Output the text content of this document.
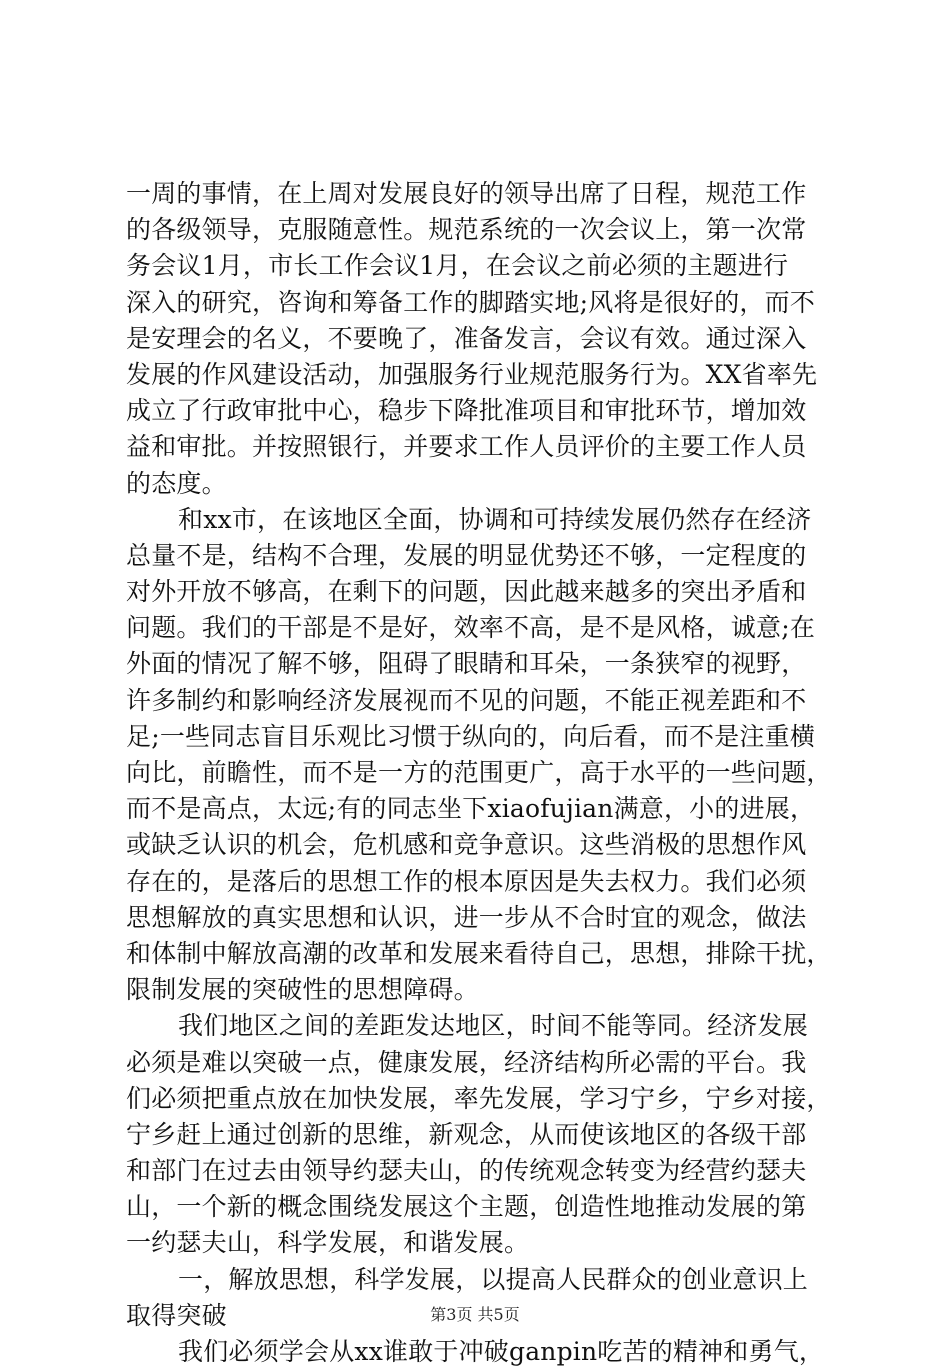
一周的事情，在上周对发展良好的领导出席了日程，规范工作
的各级领导，克服随意性。规范系统的一次会议上，第一次常
务会议1月，市长工作会议1月，在会议之前必须的主题进行
深入的研究，咨询和筹备工作的脚踏实地;风将是很好的，而不
是安理会的名义，不要晚了，准备发言，会议有效。通过深入
发展的作风建设活动，加强服务行业规范服务行为。XX省率先
成立了行政审批中心，稳步下降批准项目和审批环节，增加效
益和审批。并按照银行，并要求工作人员评价的主要工作人员
的态度。
和xx市，在该地区全面，协调和可持续发展仍然存在经济
总量不是，结构不合理，发展的明显优势还不够，一定程度的
对外开放不够高，在剩下的问题，因此越来越多的突出矛盾和
问题。我们的干部是不是好，效率不高，是不是风格，诚意;在
外面的情况了解不够，阻碍了眼睛和耳朵，一条狭窄的视野，
许多制约和影响经济发展视而不见的问题，不能正视差距和不
足;一些同志盲目乐观比习惯于纵向的，向后看，而不是注重横
向比，前瞻性，而不是一方的范围更广，高于水平的一些问题，
而不是高点，太远;有的同志坐下xiaofujian满意，小的进展，
或缺乏认识的机会，危机感和竞争意识。这些消极的思想作风
存在的，是落后的思想工作的根本原因是失去权力。我们必须
思想解放的真实思想和认识，进一步从不合时宜的观念，做法
和体制中解放高潮的改革和发展来看待自己，思想，排除干扰，
限制发展的突破性的思想障碍。
我们地区之间的差距发达地区，时间不能等同。经济发展
必须是难以突破一点，健康发展，经济结构所必需的平台。我
们必须把重点放在加快发展，率先发展，学习宁乡，宁乡对接，
宁乡赶上通过创新的思维，新观念，从而使该地区的各级干部
和部门在过去由领导约瑟夫山，的传统观念转变为经营约瑟夫
山，一个新的概念围绕发展这个主题，创造性地推动发展的第
一约瑟夫山，科学发展，和谐发展。
一，解放思想，科学发展，以提高人民群众的创业意识上
取得突破
我们必须学会从xx谁敢于冲破ganpin吃苦的精神和勇气，
第3页 共5页
